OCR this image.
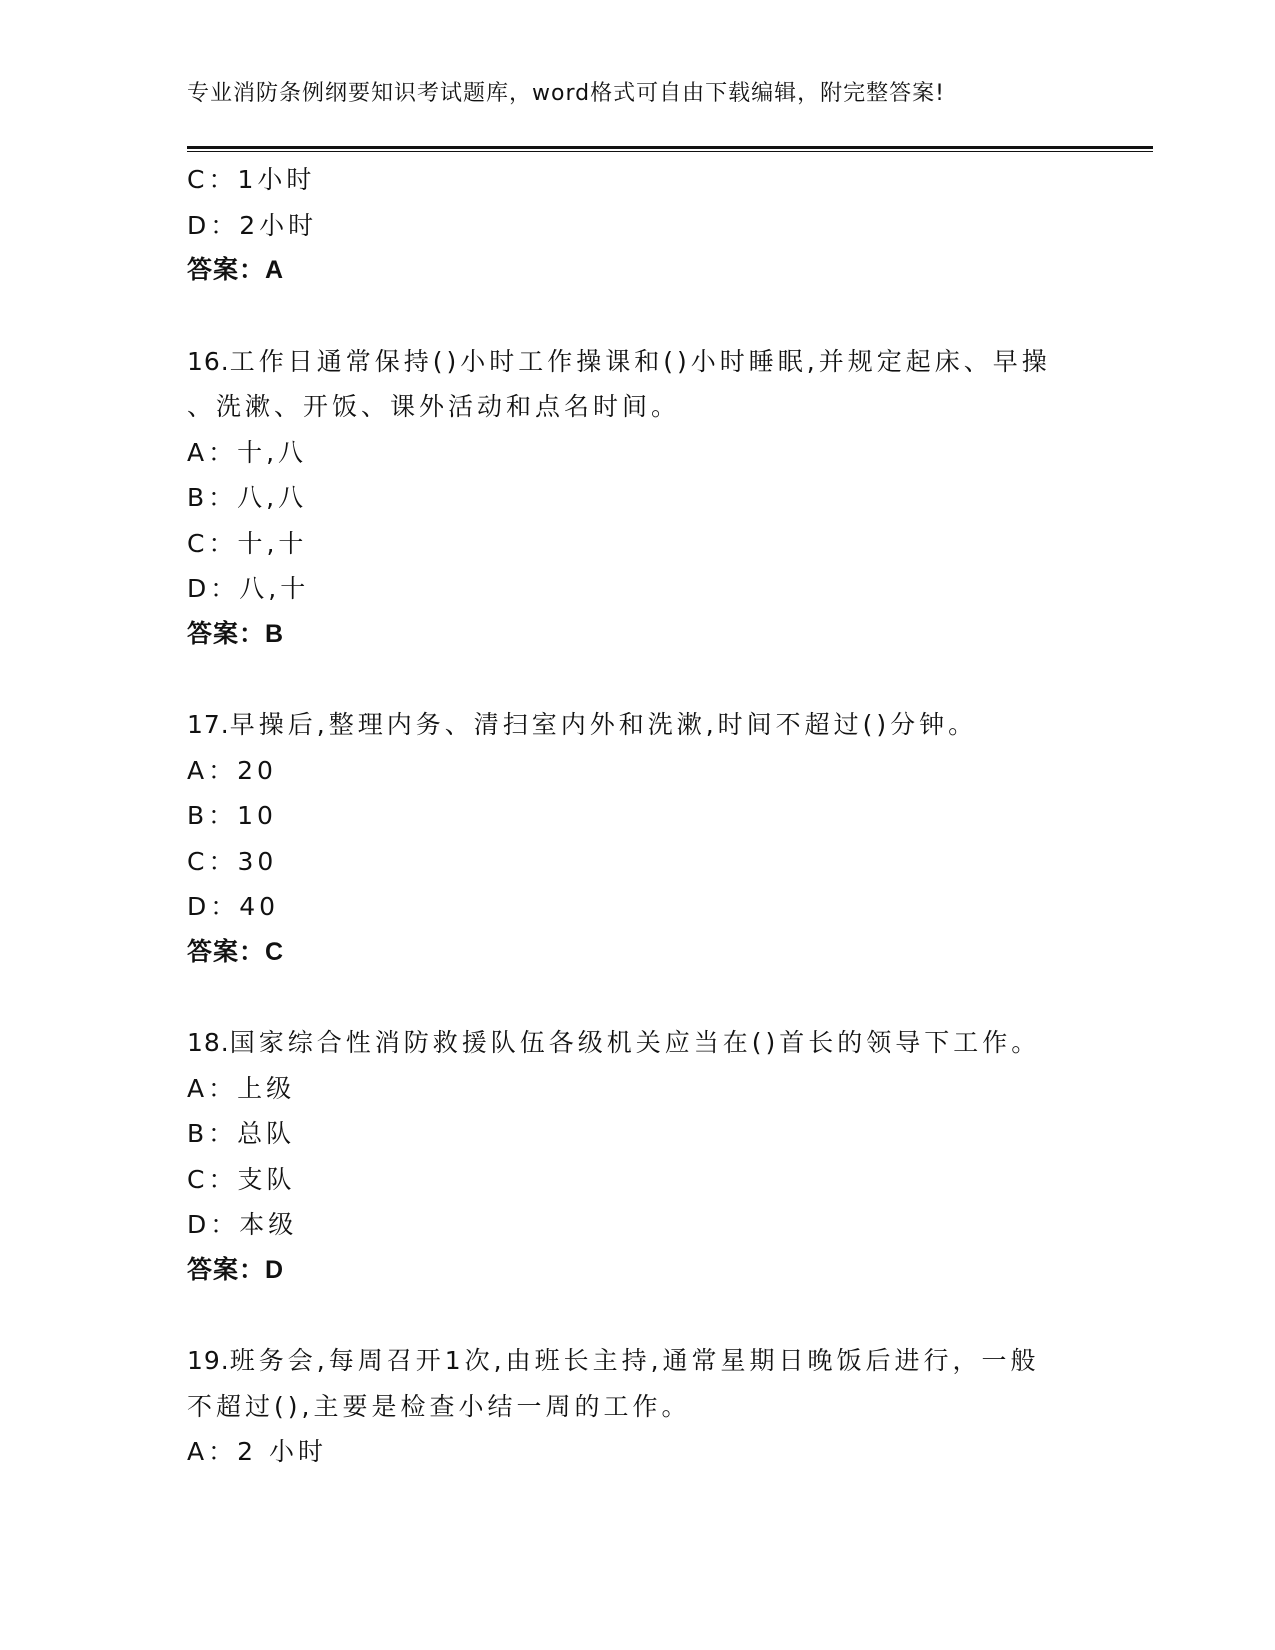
专业消防条例纲要知识考试题库，word格式可自由下载编辑，附完整答案!
C：1小时
D：2小时
答案：A
16.工作日通常保持()小时工作操课和()小时睡眠,并规定起床、早操
、洗漱、开饭、课外活动和点名时间。
A：十,八
B：八,八
C：十,十
D：八,十
答案：B
17.早操后,整理内务、清扫室内外和洗漱,时间不超过()分钟。
A：20
B：10
C：30
D：40
答案：C
18.国家综合性消防救援队伍各级机关应当在()首长的领导下工作。
A：上级
B：总队
C：支队
D：本级
答案：D
19.班务会,每周召开1次,由班长主持,通常星期日晚饭后进行，一般
不超过(),主要是检查小结一周的工作。
A：2 小时
